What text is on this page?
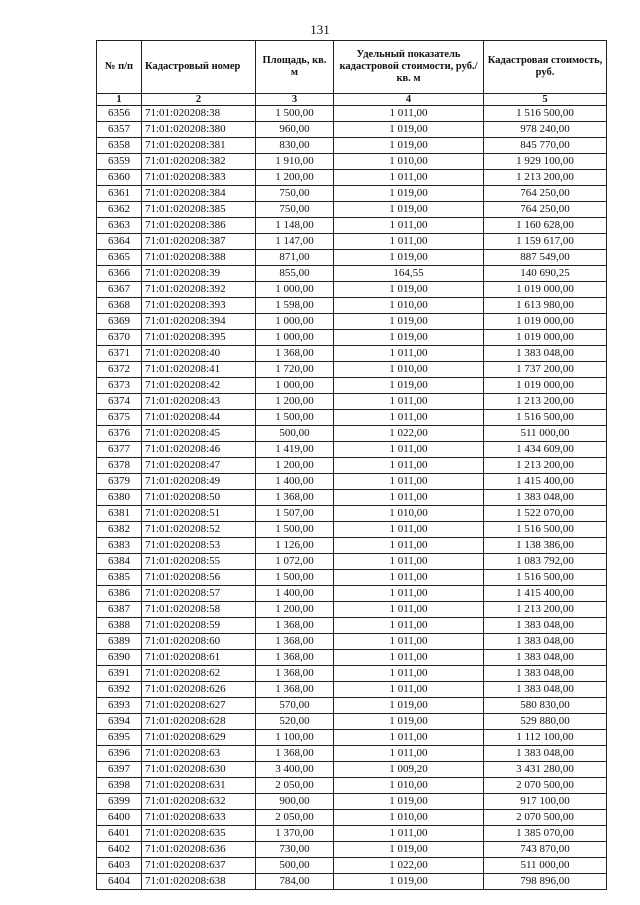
131
№ п/п	Кадастровый номер	Площадь, кв. м	Удельный показатель кадастровой стоимости, руб./кв. м	Кадастровая стоимость, руб.
1	2	3	4	5
6356	71:01:020208:38	1 500,00	1 011,00	1 516 500,00
6357	71:01:020208:380	960,00	1 019,00	978 240,00
6358	71:01:020208:381	830,00	1 019,00	845 770,00
6359	71:01:020208:382	1 910,00	1 010,00	1 929 100,00
6360	71:01:020208:383	1 200,00	1 011,00	1 213 200,00
6361	71:01:020208:384	750,00	1 019,00	764 250,00
6362	71:01:020208:385	750,00	1 019,00	764 250,00
6363	71:01:020208:386	1 148,00	1 011,00	1 160 628,00
6364	71:01:020208:387	1 147,00	1 011,00	1 159 617,00
6365	71:01:020208:388	871,00	1 019,00	887 549,00
6366	71:01:020208:39	855,00	164,55	140 690,25
6367	71:01:020208:392	1 000,00	1 019,00	1 019 000,00
6368	71:01:020208:393	1 598,00	1 010,00	1 613 980,00
6369	71:01:020208:394	1 000,00	1 019,00	1 019 000,00
6370	71:01:020208:395	1 000,00	1 019,00	1 019 000,00
6371	71:01:020208:40	1 368,00	1 011,00	1 383 048,00
6372	71:01:020208:41	1 720,00	1 010,00	1 737 200,00
6373	71:01:020208:42	1 000,00	1 019,00	1 019 000,00
6374	71:01:020208:43	1 200,00	1 011,00	1 213 200,00
6375	71:01:020208:44	1 500,00	1 011,00	1 516 500,00
6376	71:01:020208:45	500,00	1 022,00	511 000,00
6377	71:01:020208:46	1 419,00	1 011,00	1 434 609,00
6378	71:01:020208:47	1 200,00	1 011,00	1 213 200,00
6379	71:01:020208:49	1 400,00	1 011,00	1 415 400,00
6380	71:01:020208:50	1 368,00	1 011,00	1 383 048,00
6381	71:01:020208:51	1 507,00	1 010,00	1 522 070,00
6382	71:01:020208:52	1 500,00	1 011,00	1 516 500,00
6383	71:01:020208:53	1 126,00	1 011,00	1 138 386,00
6384	71:01:020208:55	1 072,00	1 011,00	1 083 792,00
6385	71:01:020208:56	1 500,00	1 011,00	1 516 500,00
6386	71:01:020208:57	1 400,00	1 011,00	1 415 400,00
6387	71:01:020208:58	1 200,00	1 011,00	1 213 200,00
6388	71:01:020208:59	1 368,00	1 011,00	1 383 048,00
6389	71:01:020208:60	1 368,00	1 011,00	1 383 048,00
6390	71:01:020208:61	1 368,00	1 011,00	1 383 048,00
6391	71:01:020208:62	1 368,00	1 011,00	1 383 048,00
6392	71:01:020208:626	1 368,00	1 011,00	1 383 048,00
6393	71:01:020208:627	570,00	1 019,00	580 830,00
6394	71:01:020208:628	520,00	1 019,00	529 880,00
6395	71:01:020208:629	1 100,00	1 011,00	1 112 100,00
6396	71:01:020208:63	1 368,00	1 011,00	1 383 048,00
6397	71:01:020208:630	3 400,00	1 009,20	3 431 280,00
6398	71:01:020208:631	2 050,00	1 010,00	2 070 500,00
6399	71:01:020208:632	900,00	1 019,00	917 100,00
6400	71:01:020208:633	2 050,00	1 010,00	2 070 500,00
6401	71:01:020208:635	1 370,00	1 011,00	1 385 070,00
6402	71:01:020208:636	730,00	1 019,00	743 870,00
6403	71:01:020208:637	500,00	1 022,00	511 000,00
6404	71:01:020208:638	784,00	1 019,00	798 896,00
